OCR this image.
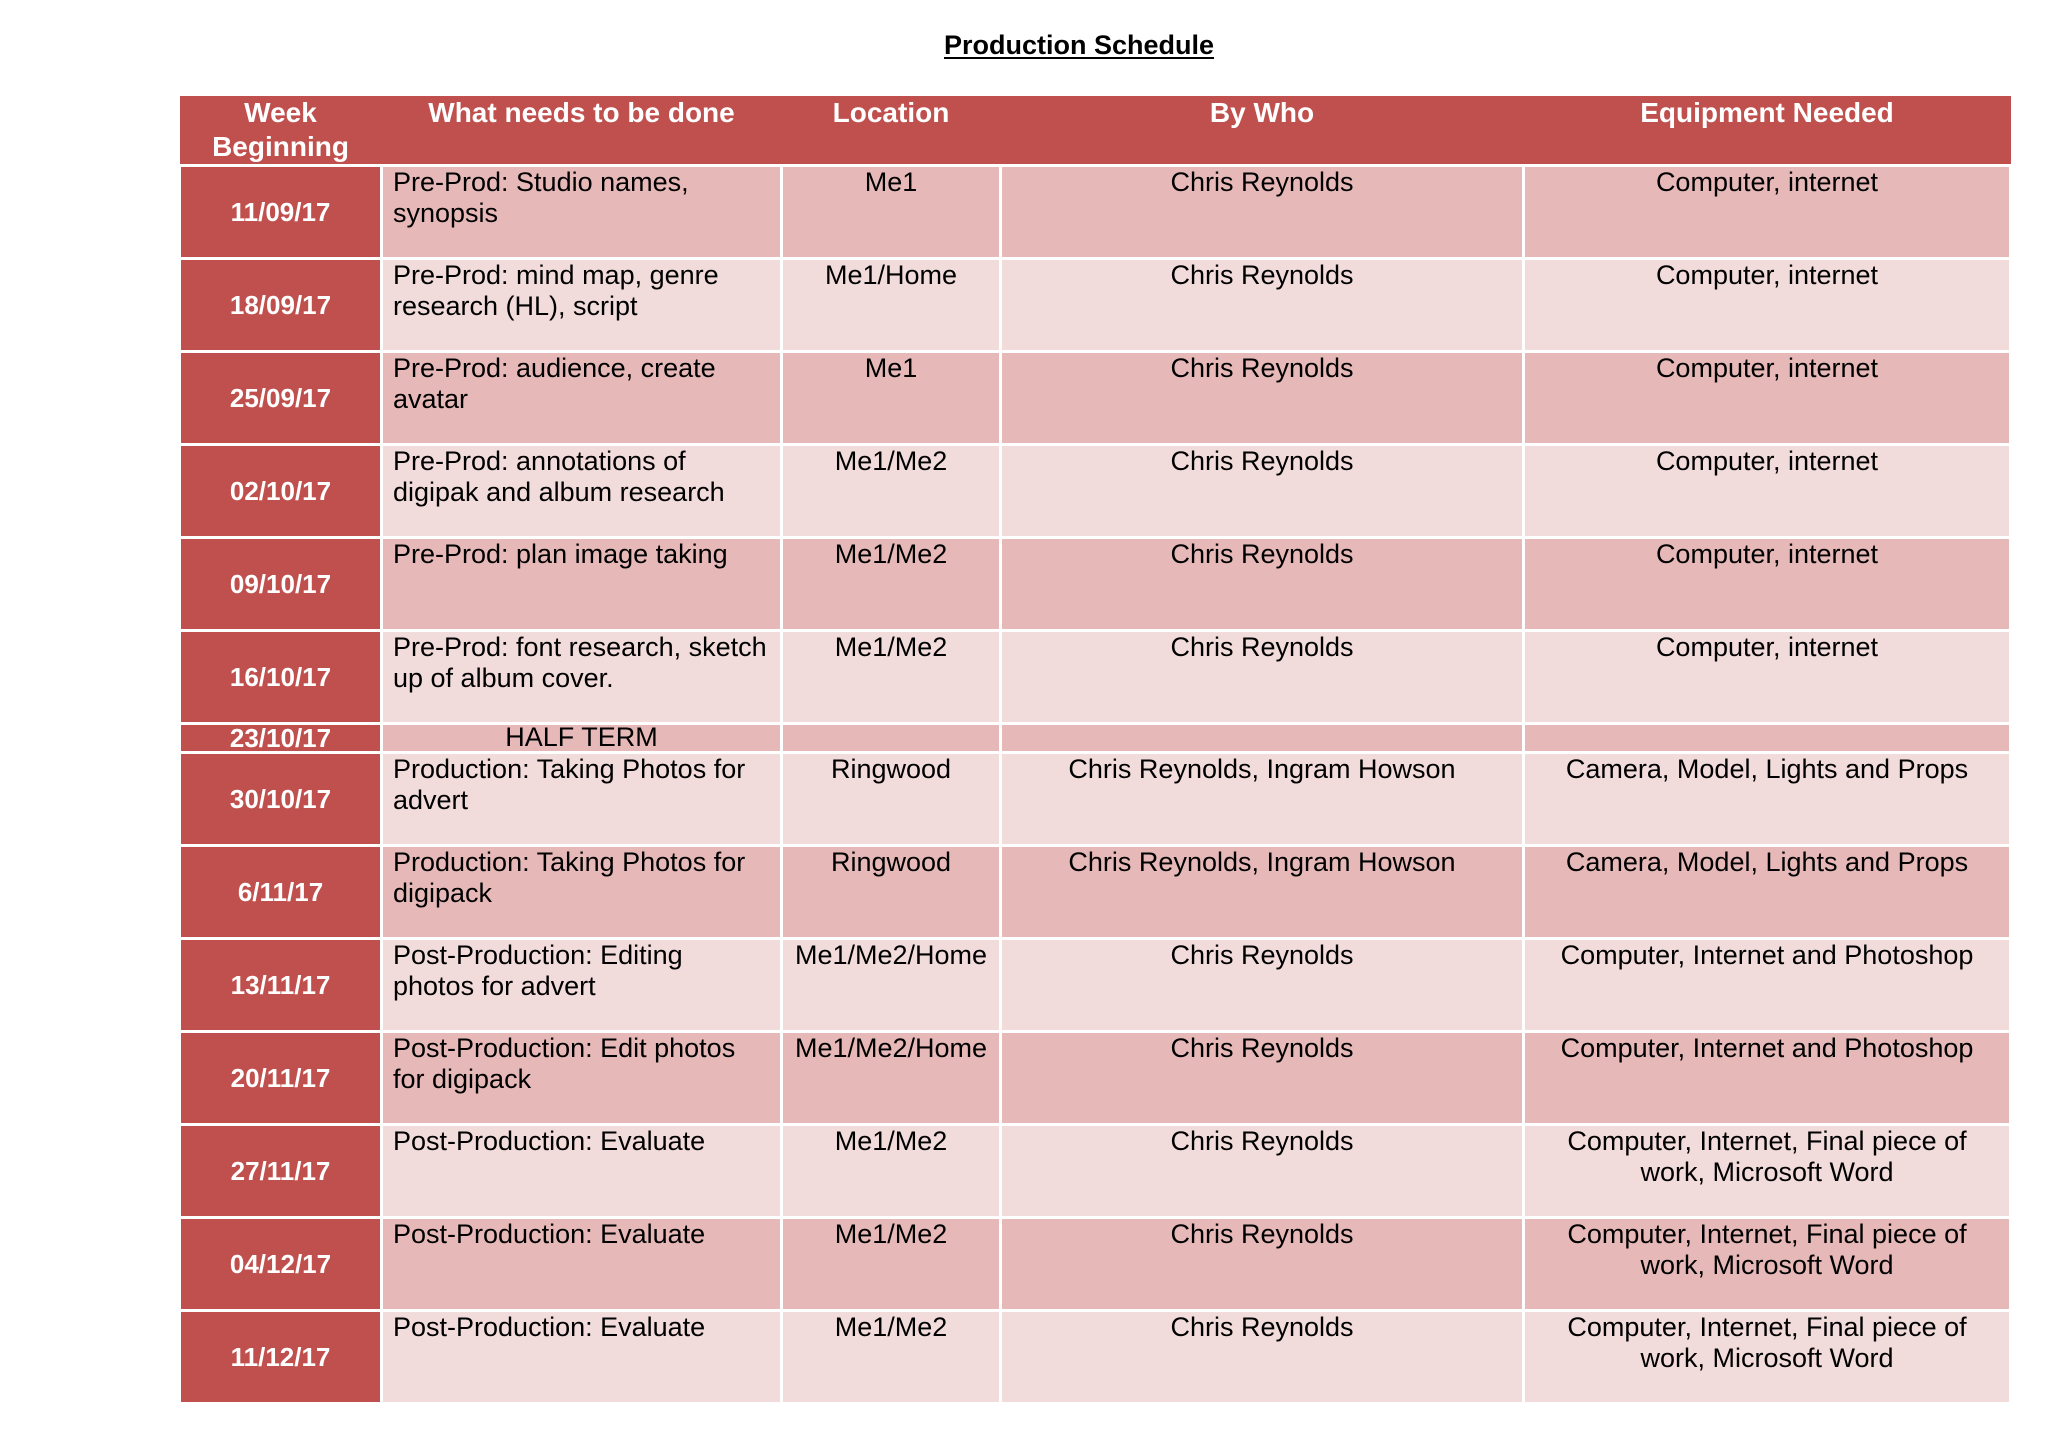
Production Schedule
Week Beginning	What needs to be done	Location	By Who	Equipment Needed
11/09/17	Pre-Prod: Studio names, synopsis	Me1	Chris Reynolds	Computer, internet
18/09/17	Pre-Prod: mind map, genre research (HL), script	Me1/Home	Chris Reynolds	Computer, internet
25/09/17	Pre-Prod: audience, create avatar	Me1	Chris Reynolds	Computer, internet
02/10/17	Pre-Prod: annotations of digipak and album research	Me1/Me2	Chris Reynolds	Computer, internet
09/10/17	Pre-Prod: plan image taking	Me1/Me2	Chris Reynolds	Computer, internet
16/10/17	Pre-Prod: font research, sketch up of album cover.	Me1/Me2	Chris Reynolds	Computer, internet
23/10/17	HALF TERM			
30/10/17	Production: Taking Photos for advert	Ringwood	Chris Reynolds, Ingram Howson	Camera, Model, Lights and Props
6/11/17	Production: Taking Photos for digipack	Ringwood	Chris Reynolds, Ingram Howson	Camera, Model, Lights and Props
13/11/17	Post-Production: Editing photos for advert	Me1/Me2/Home	Chris Reynolds	Computer, Internet and Photoshop
20/11/17	Post-Production: Edit photos for digipack	Me1/Me2/Home	Chris Reynolds	Computer, Internet and Photoshop
27/11/17	Post-Production: Evaluate	Me1/Me2	Chris Reynolds	Computer, Internet, Final piece of work, Microsoft Word
04/12/17	Post-Production: Evaluate	Me1/Me2	Chris Reynolds	Computer, Internet, Final piece of work, Microsoft Word
11/12/17	Post-Production: Evaluate	Me1/Me2	Chris Reynolds	Computer, Internet, Final piece of work, Microsoft Word
